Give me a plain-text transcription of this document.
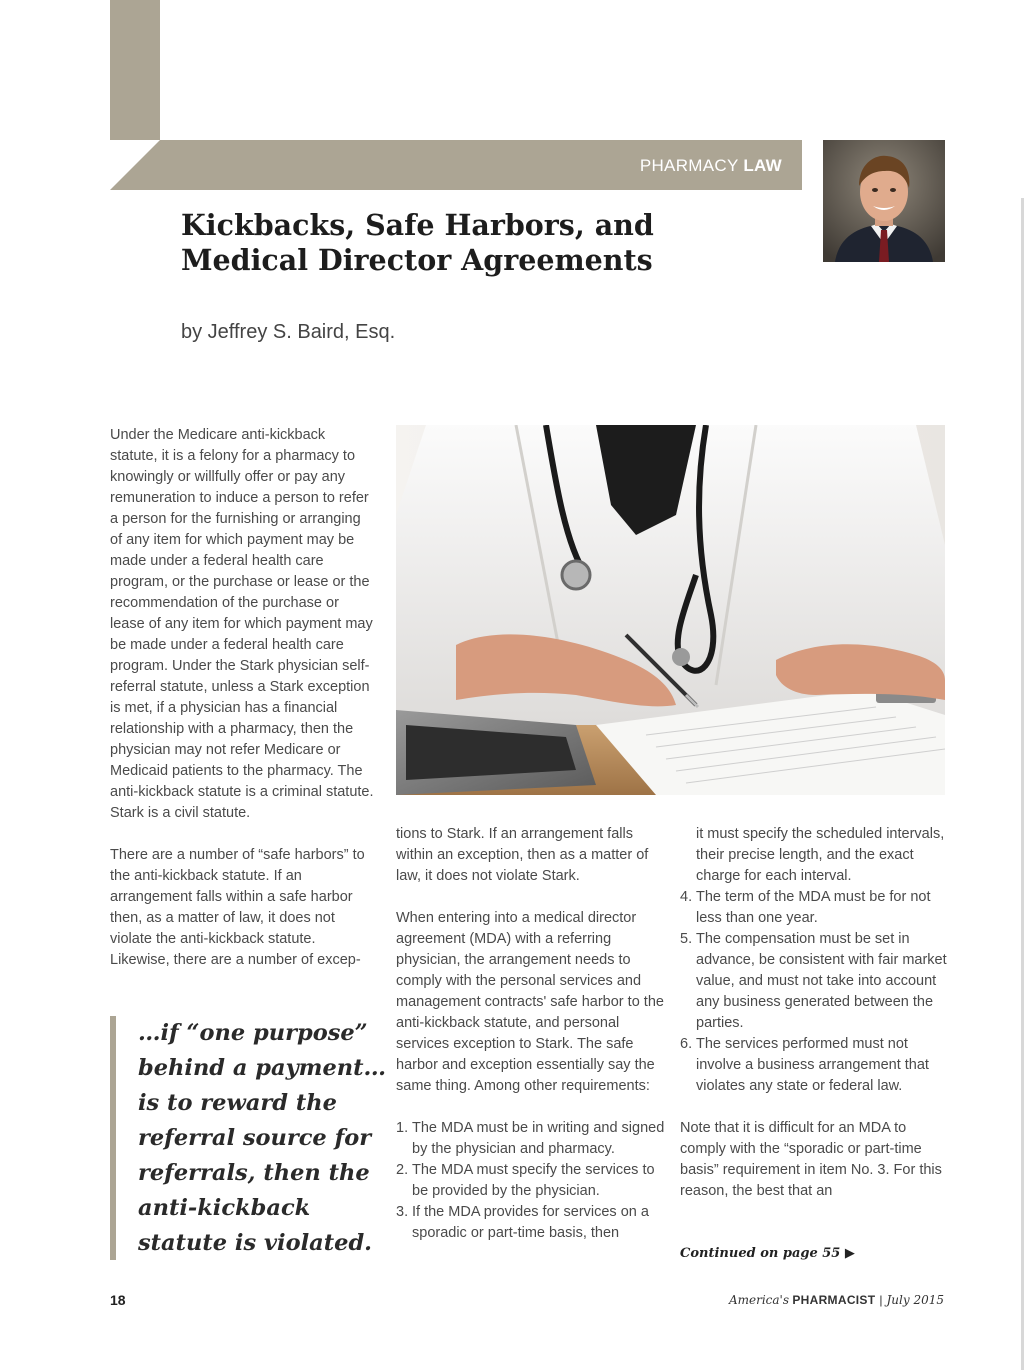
PHARMACY LAW
Kickbacks, Safe Harbors, and Medical Director Agreements
by Jeffrey S. Baird, Esq.

Under the Medicare anti-kickback statute, it is a felony for a pharmacy to knowingly or willfully offer or pay any remuneration to induce a person to refer a person for the furnishing or arranging of any item for which payment may be made under a federal health care program, or the purchase or lease or the recommendation of the purchase or lease of any item for which payment may be made under a federal health care program. Under the Stark physician self-referral statute, unless a Stark exception is met, if a physician has a financial relationship with a pharmacy, then the physician may not refer Medicare or Medicaid patients to the pharmacy. The anti-kickback statute is a criminal statute. Stark is a civil statute.

There are a number of “safe harbors” to the anti-kickback statute. If an arrangement falls within a safe harbor then, as a matter of law, it does not violate the anti-kickback statute. Likewise, there are a number of excep-

…if “one purpose” behind a payment… is to reward the referral source for referrals, then the anti-kickback statute is violated.

tions to Stark. If an arrangement falls within an exception, then as a matter of law, it does not violate Stark.

When entering into a medical director agreement (MDA) with a referring physician, the arrangement needs to comply with the personal services and management contracts' safe harbor to the anti-kickback statute, and personal services exception to Stark. The safe harbor and exception essentially say the same thing. Among other requirements:

1. The MDA must be in writing and signed by the physician and pharmacy.
2. The MDA must specify the services to be provided by the physician.
3. If the MDA provides for services on a sporadic or part-time basis, then
it must specify the scheduled intervals, their precise length, and the exact charge for each interval.
4. The term of the MDA must be for not less than one year.
5. The compensation must be set in advance, be consistent with fair market value, and must not take into account any business generated between the parties.
6. The services performed must not involve a business arrangement that violates any state or federal law.

Note that it is difficult for an MDA to comply with the “sporadic or part-time basis” requirement in item No. 3. For this reason, the best that an

Continued on page 55 ▶
18	America's PHARMACIST | July 2015
